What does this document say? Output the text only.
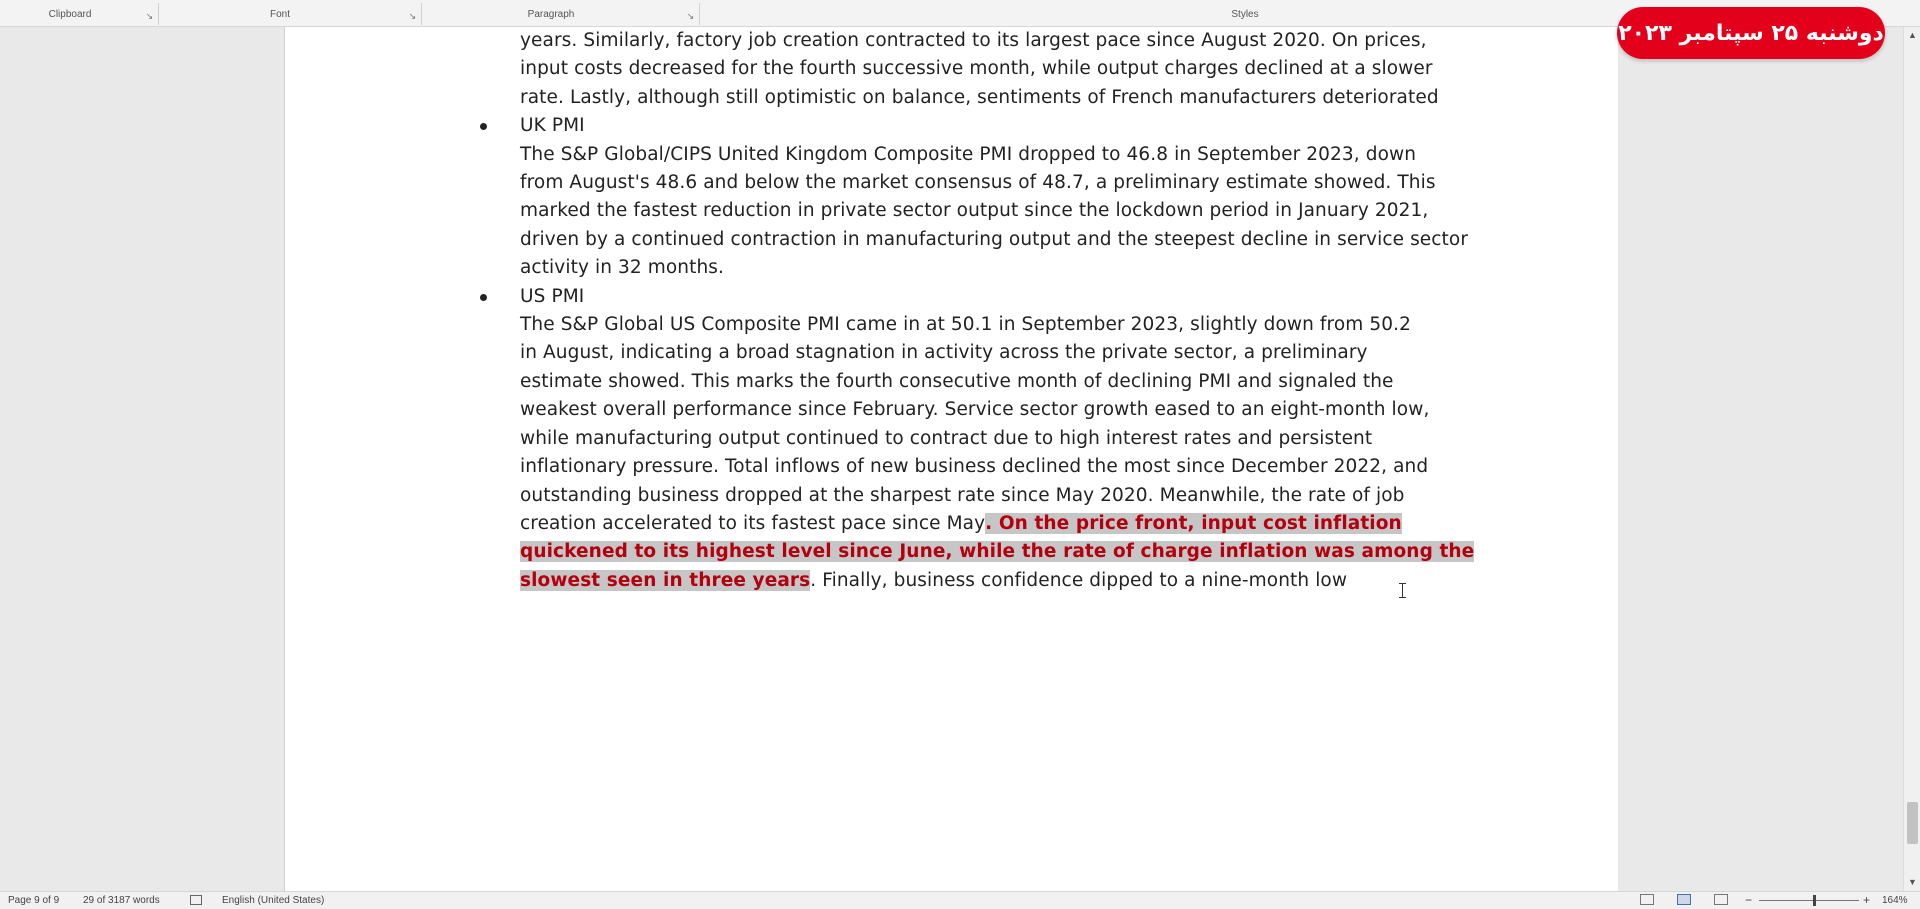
Clipboard	↘	Font	↘	Paragraph	↘	Styles
years. Similarly, factory job creation contracted to its largest pace since August 2020. On prices,
input costs decreased for the fourth successive month, while output charges declined at a slower
rate. Lastly, although still optimistic on balance, sentiments of French manufacturers deteriorated
UK PMI
The S&P Global/CIPS United Kingdom Composite PMI dropped to 46.8 in September 2023, down
from August's 48.6 and below the market consensus of 48.7, a preliminary estimate showed. This
marked the fastest reduction in private sector output since the lockdown period in January 2021,
driven by a continued contraction in manufacturing output and the steepest decline in service sector
activity in 32 months.
US PMI
The S&P Global US Composite PMI came in at 50.1 in September 2023, slightly down from 50.2
in August, indicating a broad stagnation in activity across the private sector, a preliminary
estimate showed. This marks the fourth consecutive month of declining PMI and signaled the
weakest overall performance since February. Service sector growth eased to an eight-month low,
while manufacturing output continued to contract due to high interest rates and persistent
inflationary pressure. Total inflows of new business declined the most since December 2022, and
outstanding business dropped at the sharpest rate since May 2020. Meanwhile, the rate of job
creation accelerated to its fastest pace since May. On the price front, input cost inflation
quickened to its highest level since June, while the rate of charge inflation was among the
slowest seen in three years. Finally, business confidence dipped to a nine-month low
دوشنبه ۲۵ سپتامبر ۲۰۲۳	▲
▼
Page 9 of 9 29 of 3187 words	English (United States)	−	+ 164%
